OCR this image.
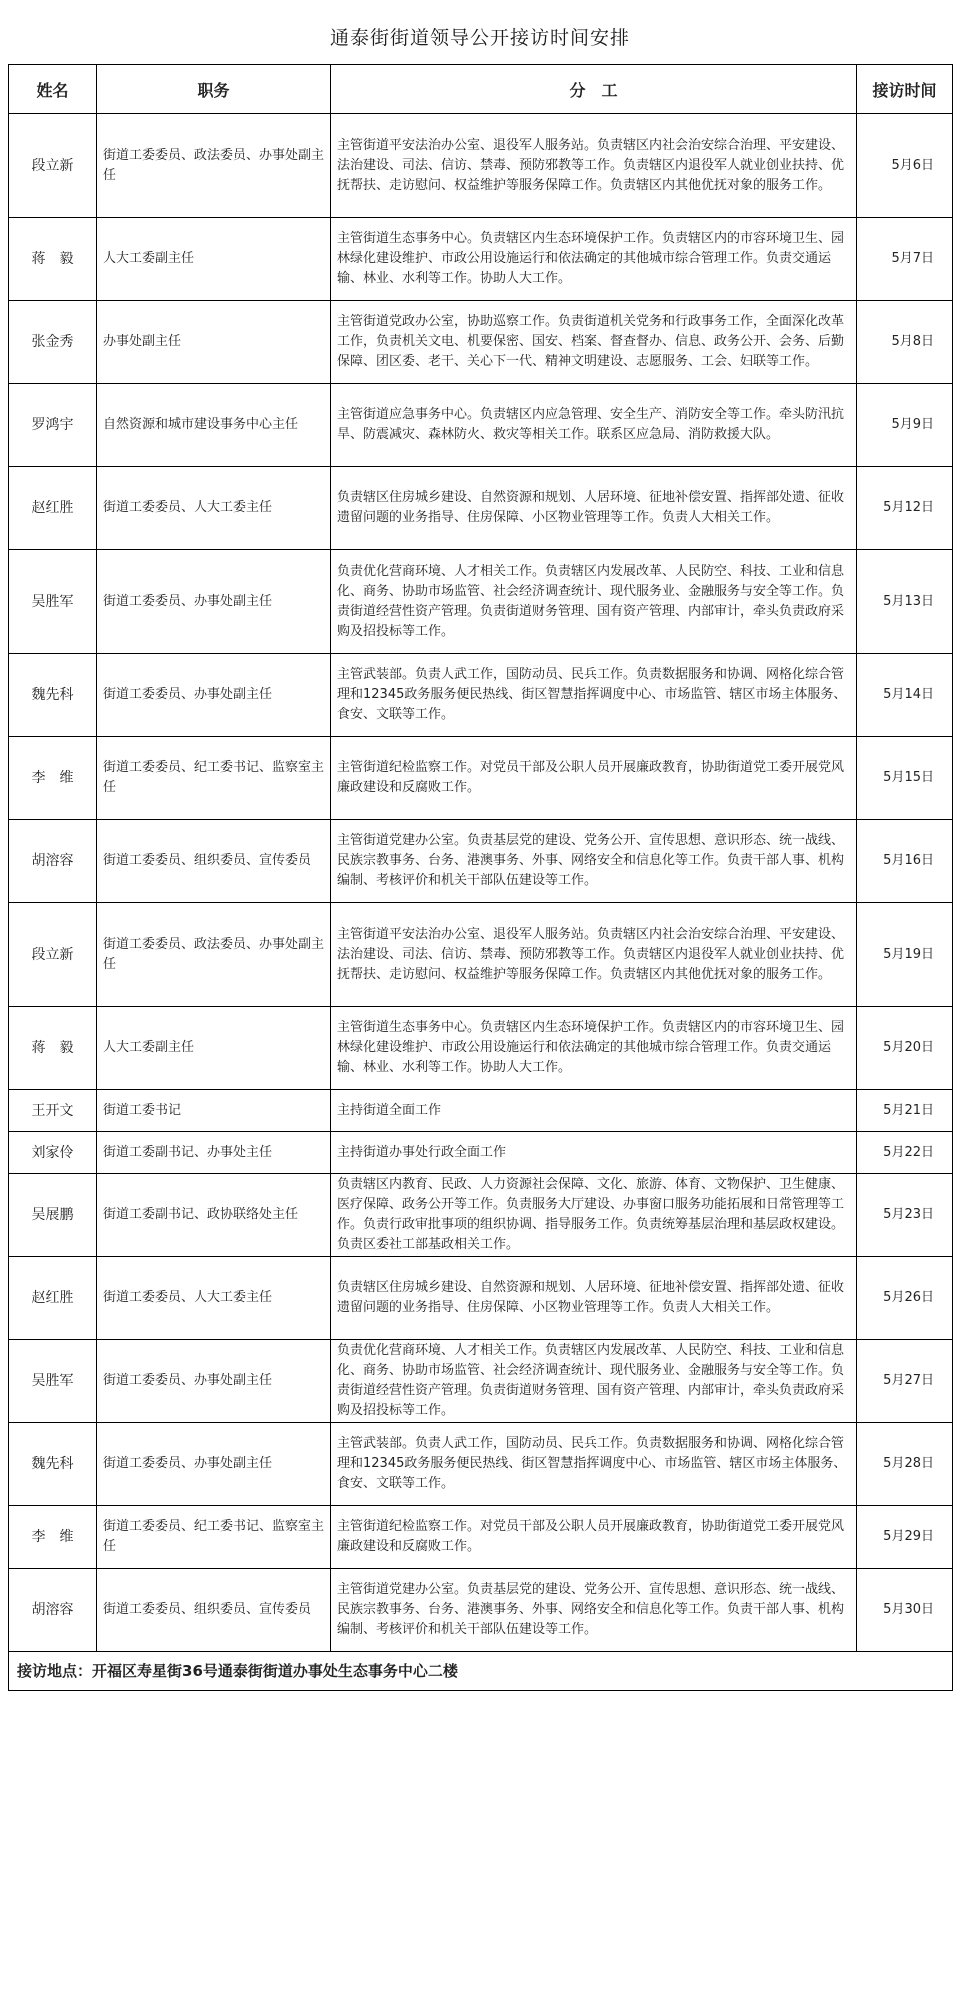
通泰街街道领导公开接访时间安排
姓名	职务	分　工	接访时间
段立新	街道工委委员、政法委员、办事处副主任	主管街道平安法治办公室、退役军人服务站。负责辖区内社会治安综合治理、平安建设、法治建设、司法、信访、禁毒、预防邪教等工作。负责辖区内退役军人就业创业扶持、优抚帮扶、走访慰问、权益维护等服务保障工作。负责辖区内其他优抚对象的服务工作。	5月6日
蒋　毅	人大工委副主任	主管街道生态事务中心。负责辖区内生态环境保护工作。负责辖区内的市容环境卫生、园林绿化建设维护、市政公用设施运行和依法确定的其他城市综合管理工作。负责交通运输、林业、水利等工作。协助人大工作。	5月7日
张金秀	办事处副主任	主管街道党政办公室，协助巡察工作。负责街道机关党务和行政事务工作，全面深化改革工作，负责机关文电、机要保密、国安、档案、督查督办、信息、政务公开、会务、后勤保障、团区委、老干、关心下一代、精神文明建设、志愿服务、工会、妇联等工作。	5月8日
罗鸿宇	自然资源和城市建设事务中心主任	主管街道应急事务中心。负责辖区内应急管理、安全生产、消防安全等工作。牵头防汛抗旱、防震减灾、森林防火、救灾等相关工作。联系区应急局、消防救援大队。	5月9日
赵红胜	街道工委委员、人大工委主任	负责辖区住房城乡建设、自然资源和规划、人居环境、征地补偿安置、指挥部处遗、征收遗留问题的业务指导、住房保障、小区物业管理等工作。负责人大相关工作。	5月12日
吴胜军	街道工委委员、办事处副主任	负责优化营商环境、人才相关工作。负责辖区内发展改革、人民防空、科技、工业和信息化、商务、协助市场监管、社会经济调查统计、现代服务业、金融服务与安全等工作。负责街道经营性资产管理。负责街道财务管理、国有资产管理、内部审计，牵头负责政府采购及招投标等工作。	5月13日
魏先科	街道工委委员、办事处副主任	主管武装部。负责人武工作，国防动员、民兵工作。负责数据服务和协调、网格化综合管理和12345政务服务便民热线、街区智慧指挥调度中心、市场监管、辖区市场主体服务、食安、文联等工作。	5月14日
李　维	街道工委委员、纪工委书记、监察室主任	主管街道纪检监察工作。对党员干部及公职人员开展廉政教育，协助街道党工委开展党风廉政建设和反腐败工作。	5月15日
胡溶容	街道工委委员、组织委员、宣传委员	主管街道党建办公室。负责基层党的建设、党务公开、宣传思想、意识形态、统一战线、民族宗教事务、台务、港澳事务、外事、网络安全和信息化等工作。负责干部人事、机构编制、考核评价和机关干部队伍建设等工作。	5月16日
段立新	街道工委委员、政法委员、办事处副主任	主管街道平安法治办公室、退役军人服务站。负责辖区内社会治安综合治理、平安建设、法治建设、司法、信访、禁毒、预防邪教等工作。负责辖区内退役军人就业创业扶持、优抚帮扶、走访慰问、权益维护等服务保障工作。负责辖区内其他优抚对象的服务工作。	5月19日
蒋　毅	人大工委副主任	主管街道生态事务中心。负责辖区内生态环境保护工作。负责辖区内的市容环境卫生、园林绿化建设维护、市政公用设施运行和依法确定的其他城市综合管理工作。负责交通运输、林业、水利等工作。协助人大工作。	5月20日
王开文	街道工委书记	主持街道全面工作	5月21日
刘家伶	街道工委副书记、办事处主任	主持街道办事处行政全面工作	5月22日
吴展鹏	街道工委副书记、政协联络处主任	负责辖区内教育、民政、人力资源社会保障、文化、旅游、体育、文物保护、卫生健康、医疗保障、政务公开等工作。负责服务大厅建设、办事窗口服务功能拓展和日常管理等工作。负责行政审批事项的组织协调、指导服务工作。负责统筹基层治理和基层政权建设。负责区委社工部基政相关工作。	5月23日
赵红胜	街道工委委员、人大工委主任	负责辖区住房城乡建设、自然资源和规划、人居环境、征地补偿安置、指挥部处遗、征收遗留问题的业务指导、住房保障、小区物业管理等工作。负责人大相关工作。	5月26日
吴胜军	街道工委委员、办事处副主任	负责优化营商环境、人才相关工作。负责辖区内发展改革、人民防空、科技、工业和信息化、商务、协助市场监管、社会经济调查统计、现代服务业、金融服务与安全等工作。负责街道经营性资产管理。负责街道财务管理、国有资产管理、内部审计，牵头负责政府采购及招投标等工作。	5月27日
魏先科	街道工委委员、办事处副主任	主管武装部。负责人武工作，国防动员、民兵工作。负责数据服务和协调、网格化综合管理和12345政务服务便民热线、街区智慧指挥调度中心、市场监管、辖区市场主体服务、食安、文联等工作。	5月28日
李　维	街道工委委员、纪工委书记、监察室主任	主管街道纪检监察工作。对党员干部及公职人员开展廉政教育，协助街道党工委开展党风廉政建设和反腐败工作。	5月29日
胡溶容	街道工委委员、组织委员、宣传委员	主管街道党建办公室。负责基层党的建设、党务公开、宣传思想、意识形态、统一战线、民族宗教事务、台务、港澳事务、外事、网络安全和信息化等工作。负责干部人事、机构编制、考核评价和机关干部队伍建设等工作。	5月30日
接访地点：开福区寿星街36号通泰街街道办事处生态事务中心二楼			
